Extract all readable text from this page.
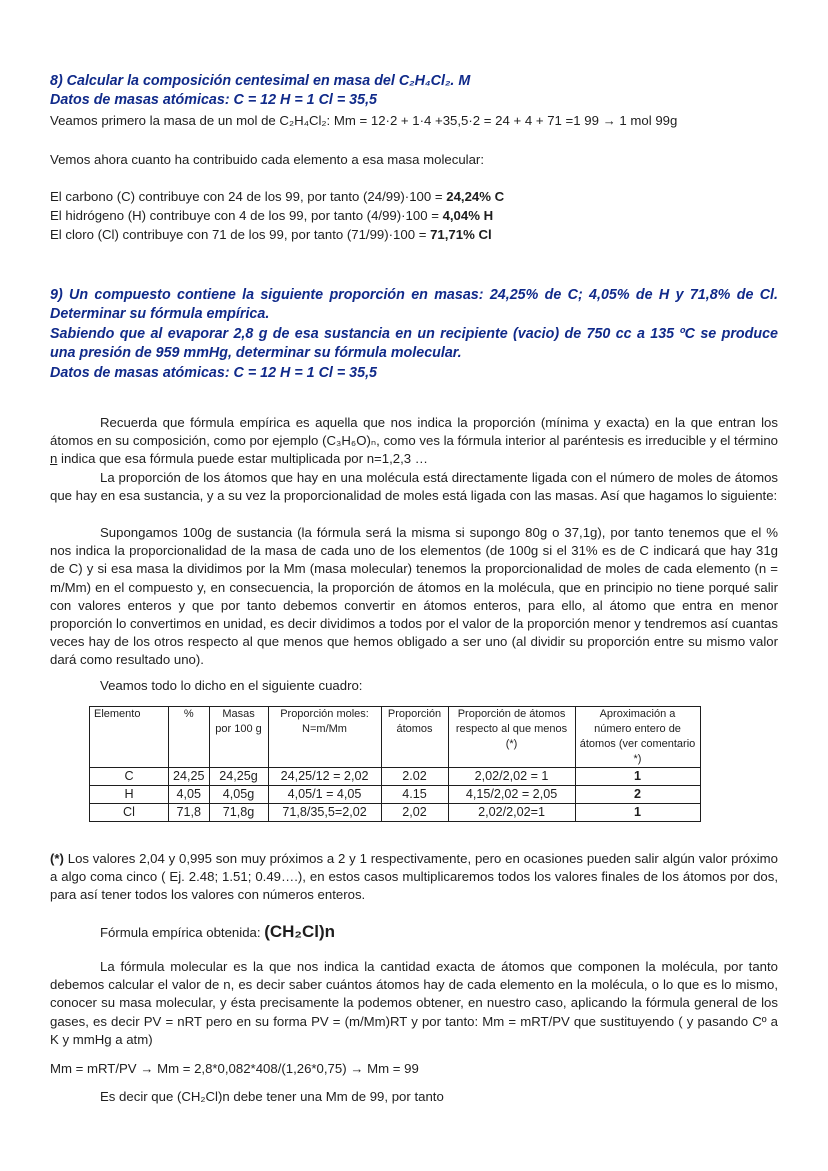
8) Calcular la composición centesimal en masa del C₂H₄Cl₂. M
Datos de masas atómicas: C = 12 H = 1 Cl = 35,5
Veamos primero la masa de un mol de C₂H₄Cl₂: Mm = 12·2 + 1·4 +35,5·2 = 24 + 4 + 71 =1 99 → 1 mol 99g
Vemos ahora cuanto ha contribuido cada elemento a esa masa molecular:
El carbono (C) contribuye con 24 de los 99, por tanto (24/99)·100 = 24,24% C
El hidrógeno (H) contribuye con 4 de los 99, por tanto (4/99)·100 = 4,04% H
El cloro (Cl) contribuye con 71 de los 99, por tanto (71/99)·100 = 71,71% Cl
9) Un compuesto contiene la siguiente proporción en masas: 24,25% de C; 4,05% de H y 71,8% de Cl. Determinar su fórmula empírica.
Sabiendo que al evaporar 2,8 g de esa sustancia en un recipiente (vacio) de 750 cc a 135 ºC se produce una presión de 959 mmHg, determinar su fórmula molecular.
Datos de masas atómicas: C = 12 H = 1 Cl = 35,5
Recuerda que fórmula empírica es aquella que nos indica la proporción (mínima y exacta) en la que entran los átomos en su composición, como por ejemplo (C₃H₆O)ₙ, como ves la fórmula interior al paréntesis es irreducible y el término n indica que esa fórmula puede estar multiplicada por n=1,2,3 …
La proporción de los átomos que hay en una molécula está directamente ligada con el número de moles de átomos que hay en esa sustancia, y a su vez la proporcionalidad de moles está ligada con las masas. Así que hagamos lo siguiente:
Supongamos 100g de sustancia (la fórmula será la misma si supongo 80g o 37,1g), por tanto tenemos que el % nos indica la proporcionalidad de la masa de cada uno de los elementos (de 100g si el 31% es de C indicará que hay 31g de C) y si esa masa la dividimos por la Mm (masa molecular) tenemos la proporcionalidad de moles de cada elemento (n = m/Mm) en el compuesto y, en consecuencia, la proporción de átomos en la molécula, que en principio no tiene porqué salir con valores enteros y que por tanto debemos convertir en átomos enteros, para ello, al átomo que entra en menor proporción lo convertimos en unidad, es decir dividimos a todos por el valor de la proporción menor y tendremos así cuantas veces hay de los otros respecto al que menos que hemos obligado a ser uno (al dividir su proporción entre su mismo valor dará como resultado uno).
Veamos todo lo dicho en el siguiente cuadro:
Elemento	%	Masas por 100 g	Proporción moles: N=m/Mm	Proporción átomos	Proporción de átomos respecto al que menos (*)	Aproximación a número entero de átomos (ver comentario *)
C	24,25	24,25g	24,25/12 = 2,02	2.02	2,02/2,02 = 1	1
H	4,05	4,05g	4,05/1 = 4,05	4.15	4,15/2,02 = 2,05	2
Cl	71,8	71,8g	71,8/35,5=2,02	2,02	2,02/2,02=1	1
(*) Los valores 2,04 y 0,995 son muy próximos a 2 y 1 respectivamente, pero en ocasiones pueden salir algún valor próximo a algo coma cinco ( Ej. 2.48; 1.51; 0.49….), en estos casos multiplicaremos todos los valores finales de los átomos por dos, para así tener todos los valores con números enteros.
Fórmula empírica obtenida: (CH₂Cl)n
La fórmula molecular es la que nos indica la cantidad exacta de átomos que componen la molécula, por tanto debemos calcular el valor de n, es decir saber cuántos átomos hay de cada elemento en la molécula, o lo que es lo mismo, conocer su masa molecular, y ésta precisamente la podemos obtener, en nuestro caso, aplicando la fórmula general de los gases, es decir PV = nRT pero en su forma PV = (m/Mm)RT y por tanto: Mm = mRT/PV que sustituyendo ( y pasando Cº a K y mmHg a atm)
Mm = mRT/PV → Mm = 2,8*0,082*408/(1,26*0,75) → Mm = 99
Es decir que (CH₂Cl)n debe tener una Mm de 99, por tanto
